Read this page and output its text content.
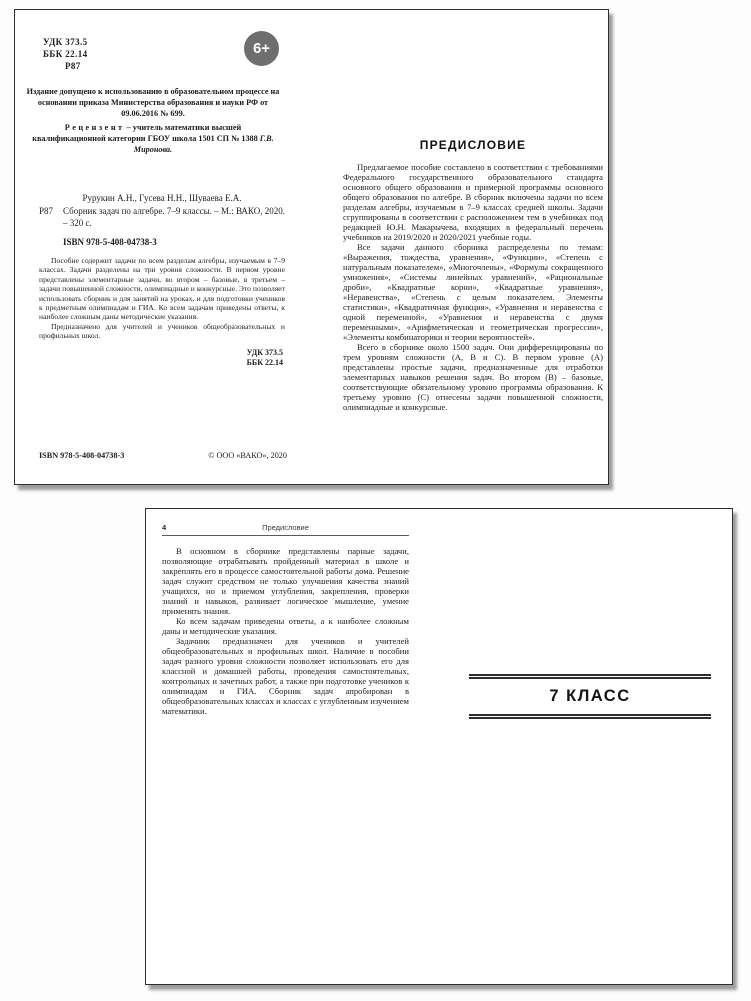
УДК 373.5
ББК 22.14
Р87
6+
Издание допущено к использованию в образовательном процессе на основании приказа Министерства образования и науки РФ от 09.06.2016 № 699.
Рецензент – учитель математики высшей квалификационной категории ГБОУ школа 1501 СП № 1388 Г.В. Миронова.
Рурукин А.Н., Гусева Н.Н., Шуваева Е.А.
Р87 Сборник задач по алгебре. 7–9 классы. – М.: ВАКО, 2020. – 320 с.
ISBN 978-5-408-04738-3

Пособие содержит задачи по всем разделам алгебры, изучаемым в 7–9 классах. Задачи разделены на три уровня сложности. В первом уровне представлены элементарные задачи, во втором – базовые, в третьем – задачи повышенной сложности, олимпиадные и конкурсные. Это позволяет использовать сборник и для занятий на уроках, и для подготовки учеников к предметным олимпиадам и ГИА. Ко всем задачам приведены ответы, к наиболее сложным даны методические указания.

Предназначено для учителей и учеников общеобразовательных и профильных школ.

УДК 373.5
ББК 22.14
ISBN 978-5-408-04738-3	© ООО «ВАКО», 2020
ПРЕДИСЛОВИЕ

Предлагаемое пособие составлено в соответствии с требованиями Федерального государственного образовательного стандарта основного общего образования и примерной программы основного общего образования по алгебре. В сборник включены задачи по всем разделам алгебры, изучаемым в 7–9 классах средней школы. Задачи сгруппированы в соответствии с расположением тем в учебниках под редакцией Ю.Н. Макарычева, входящих в федеральный перечень учебников на 2019/2020 и 2020/2021 учебные годы.

Все задачи данного сборника распределены по темам: «Выражения, тождества, уравнения», «Функции», «Степень с натуральным показателем», «Многочлены», «Формулы сокращенного умножения», «Системы линейных уравнений», «Рациональные дроби», «Квадратные корни», «Квадратные уравнения», «Неравенства», «Степень с целым показателем. Элементы статистики», «Квадратичная функция», «Уравнения и неравенства с одной переменной», «Уравнения и неравенства с двумя переменными», «Арифметическая и геометрическая прогрессии», «Элементы комбинаторики и теории вероятностей».

Всего в сборнике около 1500 задач. Они дифференцированы по трем уровням сложности (А, В и С). В первом уровне (А) представлены простые задачи, предназначенные для отработки элементарных навыков решения задач. Во втором (В) – базовые, соответствующие обязательному уровню программы образования. К третьему уровню (С) отнесены задачи повышенной сложности, олимпиадные и конкурсные.

4	Предисловие

В основном в сборнике представлены парные задачи, позволяющие отрабатывать пройденный материал в школе и закреплять его в процессе самостоятельной работы дома. Решение задач служит средством не только улучшения качества знаний учащихся, но и приемом углубления, закрепления, проверки знаний и навыков, развивает логическое мышление, умение применять знания.

Ко всем задачам приведены ответы, а к наиболее сложным даны и методические указания.

Задачник предназначен для учеников и учителей общеобразовательных и профильных школ. Наличие в пособии задач разного уровня сложности позволяет использовать его для классной и домашней работы, проведения самостоятельных, контрольных и зачетных работ, а также при подготовке учеников к олимпиадам и ГИА. Сборник задач апробирован в общеобразовательных классах и классах с углубленным изучением математики.

7 КЛАСС
